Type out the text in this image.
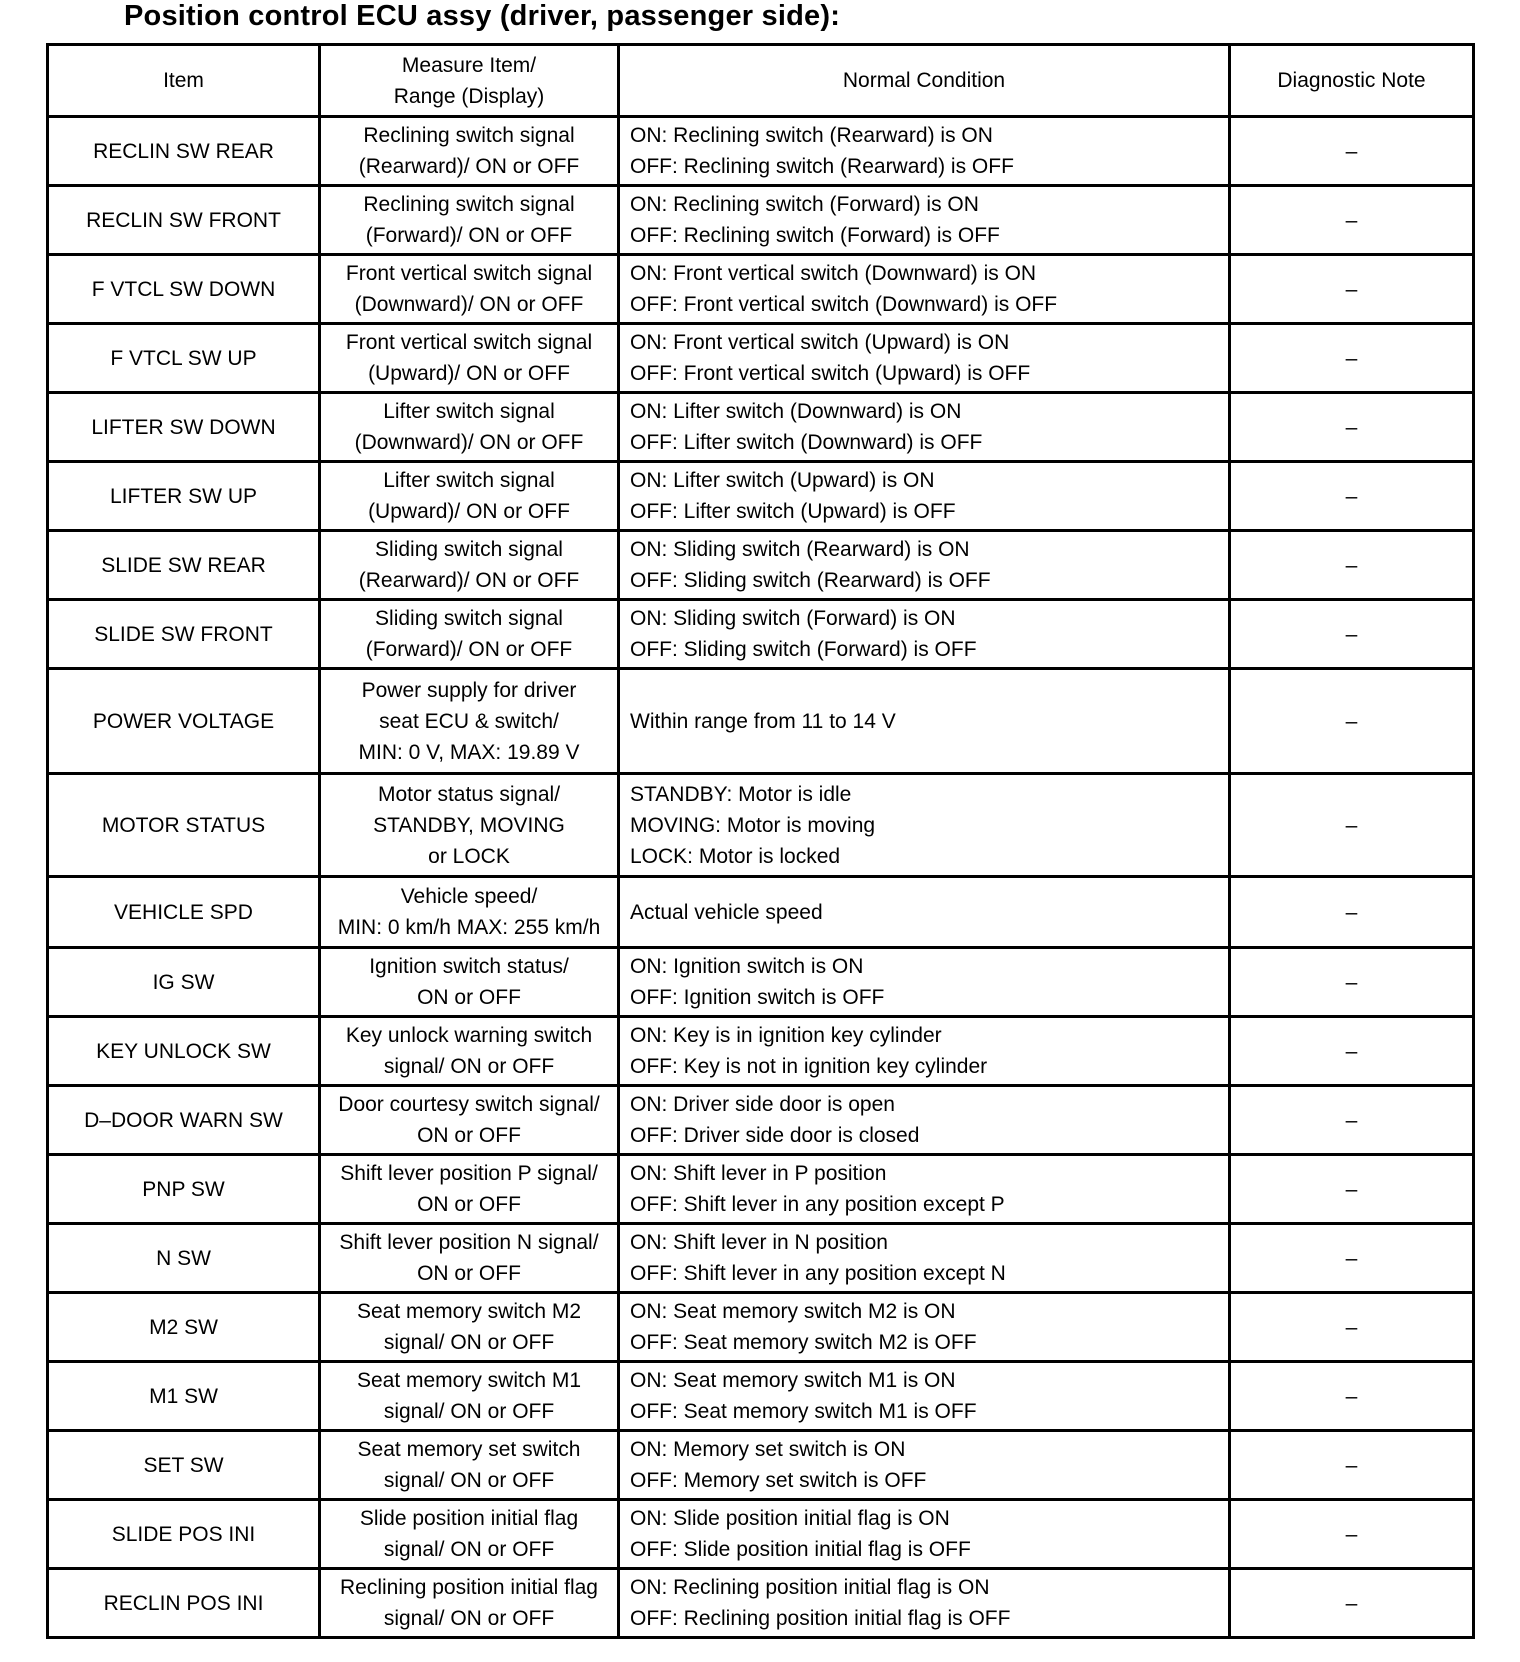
Position control ECU assy (driver, passenger side):
Item	Measure Item/
Range (Display)	Normal Condition	Diagnostic Note
RECLIN SW REAR	Reclining switch signal
(Rearward)/ ON or OFF	ON: Reclining switch (Rearward) is ON
OFF: Reclining switch (Rearward) is OFF	–
RECLIN SW FRONT	Reclining switch signal
(Forward)/ ON or OFF	ON: Reclining switch (Forward) is ON
OFF: Reclining switch (Forward) is OFF	–
F VTCL SW DOWN	Front vertical switch signal
(Downward)/ ON or OFF	ON: Front vertical switch (Downward) is ON
OFF: Front vertical switch (Downward) is OFF	–
F VTCL SW UP	Front vertical switch signal
(Upward)/ ON or OFF	ON: Front vertical switch (Upward) is ON
OFF: Front vertical switch (Upward) is OFF	–
LIFTER SW DOWN	Lifter switch signal
(Downward)/ ON or OFF	ON: Lifter switch (Downward) is ON
OFF: Lifter switch (Downward) is OFF	–
LIFTER SW UP	Lifter switch signal
(Upward)/ ON or OFF	ON: Lifter switch (Upward) is ON
OFF: Lifter switch (Upward) is OFF	–
SLIDE SW REAR	Sliding switch signal
(Rearward)/ ON or OFF	ON: Sliding switch (Rearward) is ON
OFF: Sliding switch (Rearward) is OFF	–
SLIDE SW FRONT	Sliding switch signal
(Forward)/ ON or OFF	ON: Sliding switch (Forward) is ON
OFF: Sliding switch (Forward) is OFF	–
POWER VOLTAGE	Power supply for driver
seat ECU & switch/
MIN: 0 V, MAX: 19.89 V	Within range from 11 to 14 V	–
MOTOR STATUS	Motor status signal/
STANDBY, MOVING
or LOCK	STANDBY: Motor is idle
MOVING: Motor is moving
LOCK: Motor is locked	–
VEHICLE SPD	Vehicle speed/
MIN: 0 km/h MAX: 255 km/h	Actual vehicle speed	–
IG SW	Ignition switch status/
ON or OFF	ON: Ignition switch is ON
OFF: Ignition switch is OFF	–
KEY UNLOCK SW	Key unlock warning switch
signal/ ON or OFF	ON: Key is in ignition key cylinder
OFF: Key is not in ignition key cylinder	–
D–DOOR WARN SW	Door courtesy switch signal/
ON or OFF	ON: Driver side door is open
OFF: Driver side door is closed	–
PNP SW	Shift lever position P signal/
ON or OFF	ON: Shift lever in P position
OFF: Shift lever in any position except P	–
N SW	Shift lever position N signal/
ON or OFF	ON: Shift lever in N position
OFF: Shift lever in any position except N	–
M2 SW	Seat memory switch M2
signal/ ON or OFF	ON: Seat memory switch M2 is ON
OFF: Seat memory switch M2 is OFF	–
M1 SW	Seat memory switch M1
signal/ ON or OFF	ON: Seat memory switch M1 is ON
OFF: Seat memory switch M1 is OFF	–
SET SW	Seat memory set switch
signal/ ON or OFF	ON: Memory set switch is ON
OFF: Memory set switch is OFF	–
SLIDE POS INI	Slide position initial flag
signal/ ON or OFF	ON: Slide position initial flag is ON
OFF: Slide position initial flag is OFF	–
RECLIN POS INI	Reclining position initial flag
signal/ ON or OFF	ON: Reclining position initial flag is ON
OFF: Reclining position initial flag is OFF	–
